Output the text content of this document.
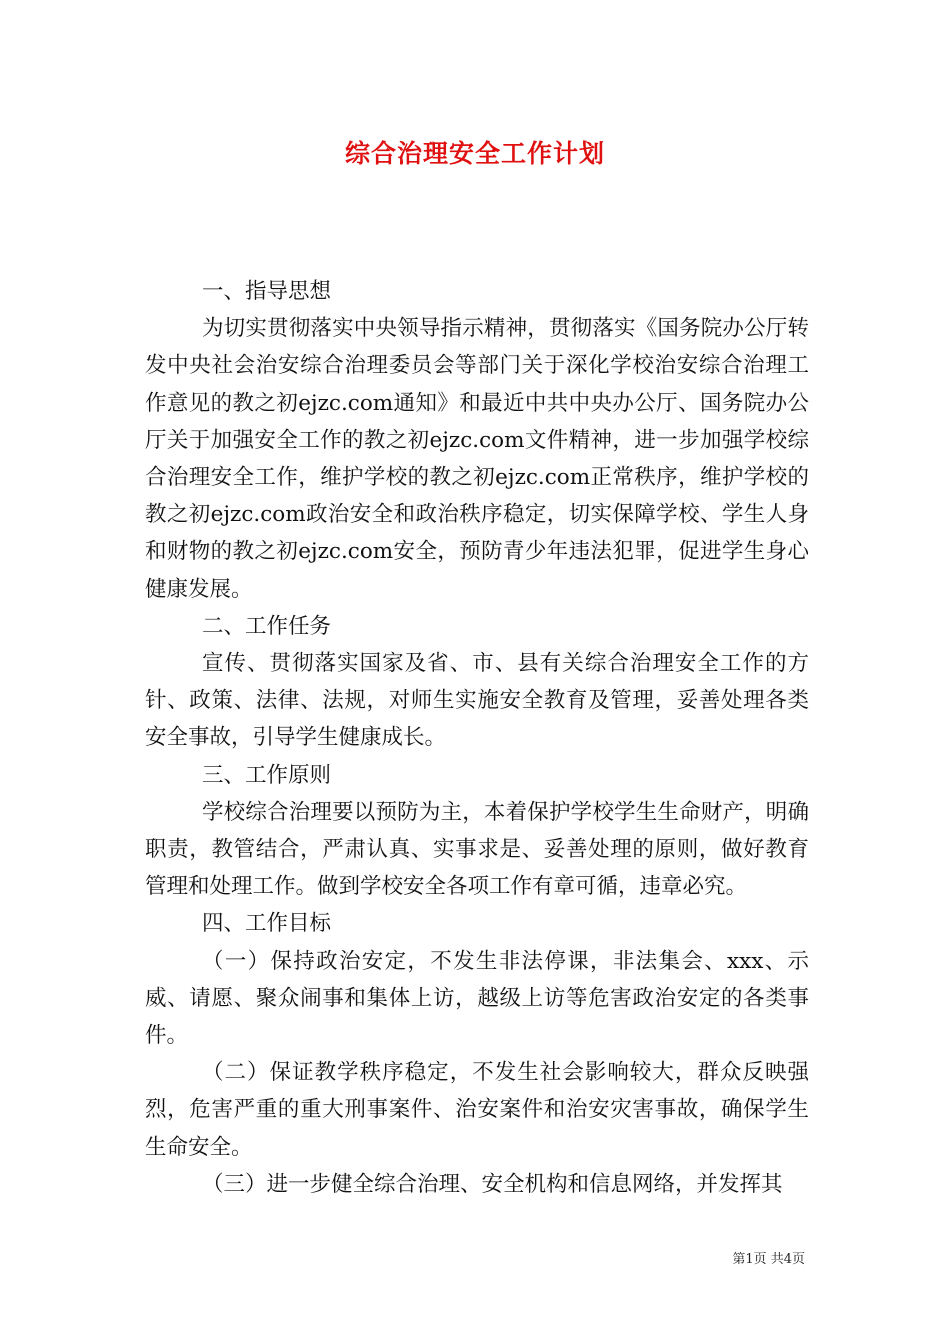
综合治理安全工作计划

一、指导思想

为切实贯彻落实中央领导指示精神，贯彻落实《国务院办公厅转发中央社会治安综合治理委员会等部门关于深化学校治安综合治理工作意见的教之初ejzc.com通知》和最近中共中央办公厅、国务院办公厅关于加强安全工作的教之初ejzc.com文件精神，进一步加强学校综合治理安全工作，维护学校的教之初ejzc.com正常秩序，维护学校的教之初ejzc.com政治安全和政治秩序稳定，切实保障学校、学生人身和财物的教之初ejzc.com安全，预防青少年违法犯罪，促进学生身心健康发展。

二、工作任务

宣传、贯彻落实国家及省、市、县有关综合治理安全工作的方针、政策、法律、法规，对师生实施安全教育及管理，妥善处理各类安全事故，引导学生健康成长。

三、工作原则

学校综合治理要以预防为主，本着保护学校学生生命财产，明确职责，教管结合，严肃认真、实事求是、妥善处理的原则，做好教育管理和处理工作。做到学校安全各项工作有章可循，违章必究。

四、工作目标

（一）保持政治安定，不发生非法停课，非法集会、xxx、示威、请愿、聚众闹事和集体上访，越级上访等危害政治安定的各类事件。

（二）保证教学秩序稳定，不发生社会影响较大，群众反映强烈，危害严重的重大刑事案件、治安案件和治安灾害事故，确保学生生命安全。

（三）进一步健全综合治理、安全机构和信息网络，并发挥其

第1页 共4页
